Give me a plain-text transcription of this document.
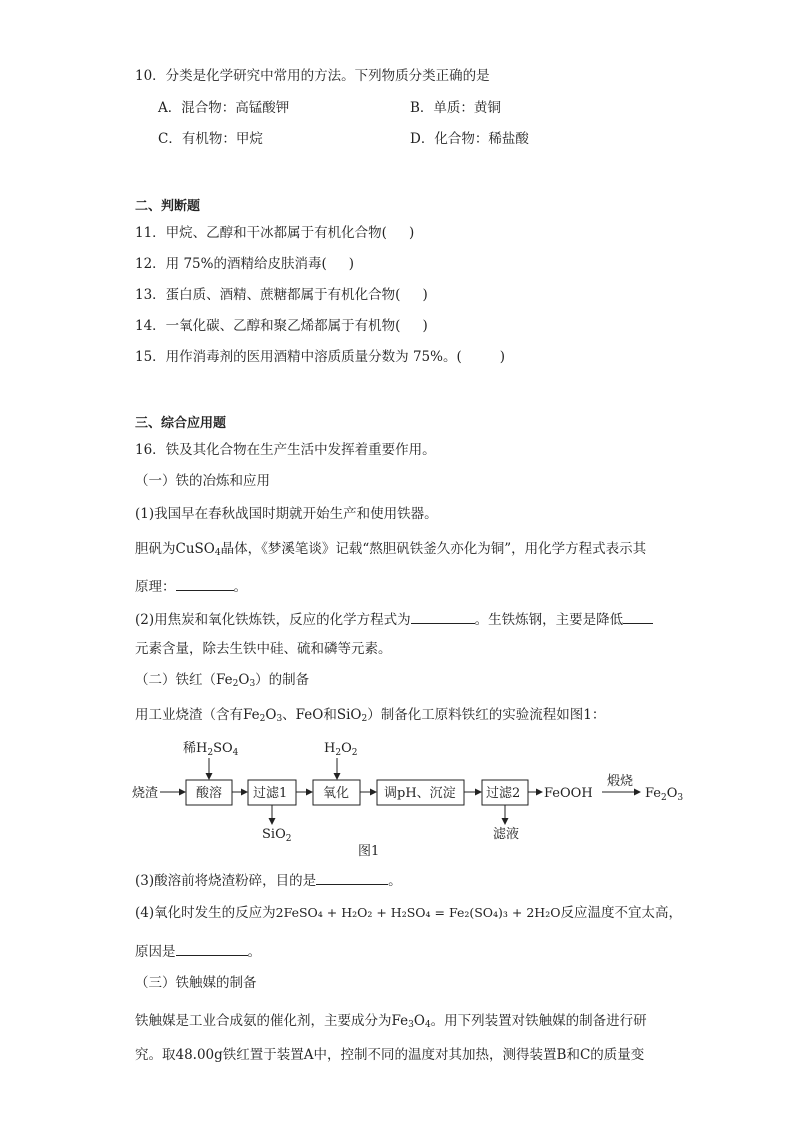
10．分类是化学研究中常用的方法。下列物质分类正确的是
A．混合物：高锰酸钾	B．单质：黄铜
C．有机物：甲烷	D．化合物：稀盐酸
二、判断题
11．甲烷、乙醇和干冰都属于有机化合物( )
12．用 75%的酒精给皮肤消毒( )
13．蛋白质、酒精、蔗糖都属于有机化合物( )
14．一氧化碳、乙醇和聚乙烯都属于有机物( )
15．用作消毒剂的医用酒精中溶质质量分数为 75%。(	)
三、综合应用题
16．铁及其化合物在生产生活中发挥着重要作用。
（一）铁的冶炼和应用
(1)我国早在春秋战国时期就开始生产和使用铁器。
胆矾为CuSO$_4$晶体，《梦溪笔谈》记载“熬胆矾铁釜久亦化为铜”，用化学方程式表示其
原理：	。
(2)用焦炭和氧化铁炼铁，反应的化学方程式为	。生铁炼钢，主要是降低
元素含量，除去生铁中硅、硫和磷等元素。
（二）铁红$(Fe_2O_3)$的制备
用工业烧渣（含有$Fe_2O_3$、FeO和SiO$_2$）制备化工原料铁红的实验流程如图1：
稀$H_2SO_4$	$H_2O_2$
烧渣	酸溶 过滤1	氧化	调pH、沉淀 过滤2 FeOOH
煅烧
$Fe_2O_3$
SiO$_2$	滤液
图1
(3)酸溶前将烧渣粉碎，目的是	。
(4)氧化时发生的反应为2FeSO₄ + H₂O₂ + H₂SO₄ = Fe₂(SO₄)₃ + 2H₂O反应温度不宜太高，
原因是	。
（三）铁触媒的制备
铁触媒是工业合成氨的催化剂，主要成分为$Fe_3O_4$。用下列装置对铁触媒的制备进行研
究。取48.00g铁红置于装置A中，控制不同的温度对其加热，测得装置B和C的质量变
